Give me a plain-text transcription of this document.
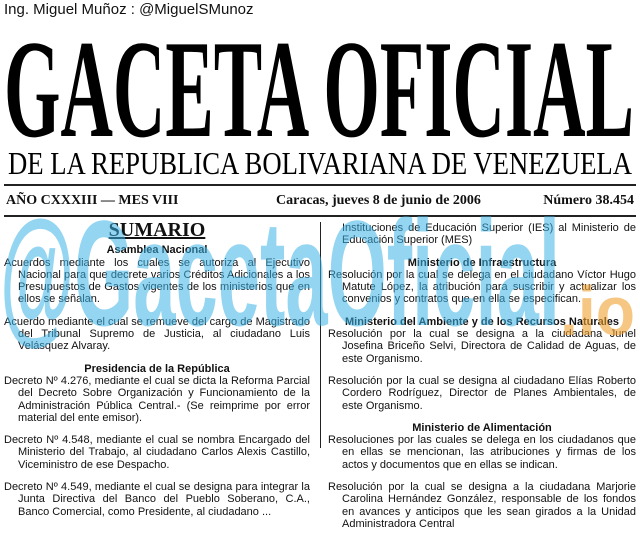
Ing. Miguel Muñoz : @MiguelSMunoz
GACETA OFICIAL
DE LA REPUBLICA BOLIVARIANA DE VENEZUELA
AÑO CXXXIII — MES VIII	Caracas, jueves 8 de junio de 2006	Número 38.454
SUMARIO
Asamblea Nacional

Acuerdos mediante los cuales se autoriza al Ejecutivo Nacional para que decrete varios Créditos Adicionales a los Presupuestos de Gastos vigentes de los ministerios que en ellos se señalan.

Acuerdo mediante el cual se remueve del cargo de Magistrado del Tribunal Supremo de Justicia, al ciudadano Luis Velásquez Alvaray.

Presidencia de la República

Decreto Nº 4.276, mediante el cual se dicta la Reforma Parcial del Decreto Sobre Organización y Funcionamiento de la Administración Pública Central.- (Se reimprime por error material del ente emisor).

Decreto Nº 4.548, mediante el cual se nombra Encargado del Ministerio del Trabajo, al ciudadano Carlos Alexis Castillo, Viceministro de ese Despacho.

Decreto Nº 4.549, mediante el cual se designa para integrar la Junta Directiva del Banco del Pueblo Soberano, C.A., Banco Comercial, como Presidente, al ciudadano ...

Instituciones de Educación Superior (IES) al Ministerio de Educación Superior (MES)

Ministerio de Infraestructura

Resolución por la cual se delega en el ciudadano Víctor Hugo Matute López, la atribución para suscribir y actualizar los convenios y contratos que en ella se especifican.

Ministerio del Ambiente y de los Recursos Naturales

Resolución por la cual se designa a la ciudadana Junel Josefina Briceño Selvi, Directora de Calidad de Aguas, de este Organismo.

Resolución por la cual se designa al ciudadano Elías Roberto Cordero Rodríguez, Director de Planes Ambientales, de este Organismo.

Ministerio de Alimentación

Resoluciones por las cuales se delega en los ciudadanos que en ellas se mencionan, las atribuciones y firmas de los actos y documentos que en ellas se indican.

Resolución por la cual se designa a la ciudadana Marjorie Carolina Hernández González, responsable de los fondos en avances y anticipos que les sean girados a la Unidad Administradora Central

@GacetaOficial .io
